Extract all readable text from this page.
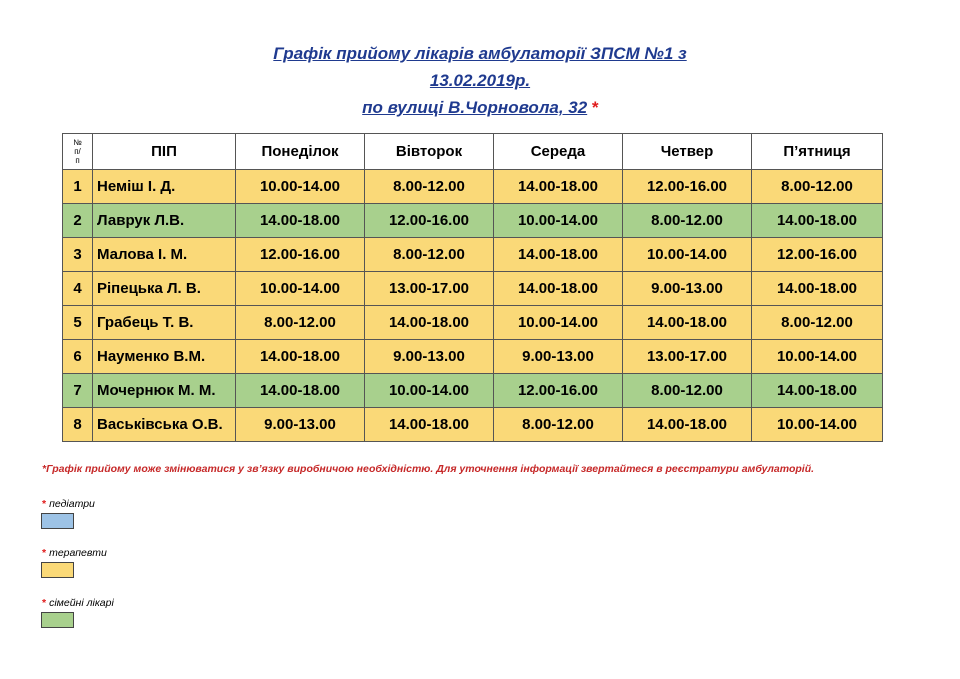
Графік прийому лікарів амбулаторії ЗПСМ №1 з
13.02.2019р.
по вулиці В.Чорновола, 32 *
№
п/
п	ПІП	Понеділок	Вівторок	Середа	Четвер	П’ятниця
1	Неміш І. Д.	10.00-14.00	8.00-12.00	14.00-18.00	12.00-16.00	8.00-12.00
2	Лаврук Л.В.	14.00-18.00	12.00-16.00	10.00-14.00	8.00-12.00	14.00-18.00
3	Малова І. М.	12.00-16.00	8.00-12.00	14.00-18.00	10.00-14.00	12.00-16.00
4	Ріпецька Л. В.	10.00-14.00	13.00-17.00	14.00-18.00	9.00-13.00	14.00-18.00
5	Грабець Т. В.	8.00-12.00	14.00-18.00	10.00-14.00	14.00-18.00	8.00-12.00
6	Науменко В.М.	14.00-18.00	9.00-13.00	9.00-13.00	13.00-17.00	10.00-14.00
7	Мочернюк М. М.	14.00-18.00	10.00-14.00	12.00-16.00	8.00-12.00	14.00-18.00
8	Васьківська О.В.	9.00-13.00	14.00-18.00	8.00-12.00	14.00-18.00	10.00-14.00
*Графік прийому може змінюватися у зв’язку виробничою необхідністю. Для уточнення інформації звертайтеся в реєстратури амбулаторій.
* педіатри
* терапевти
* сімейні лікарі
